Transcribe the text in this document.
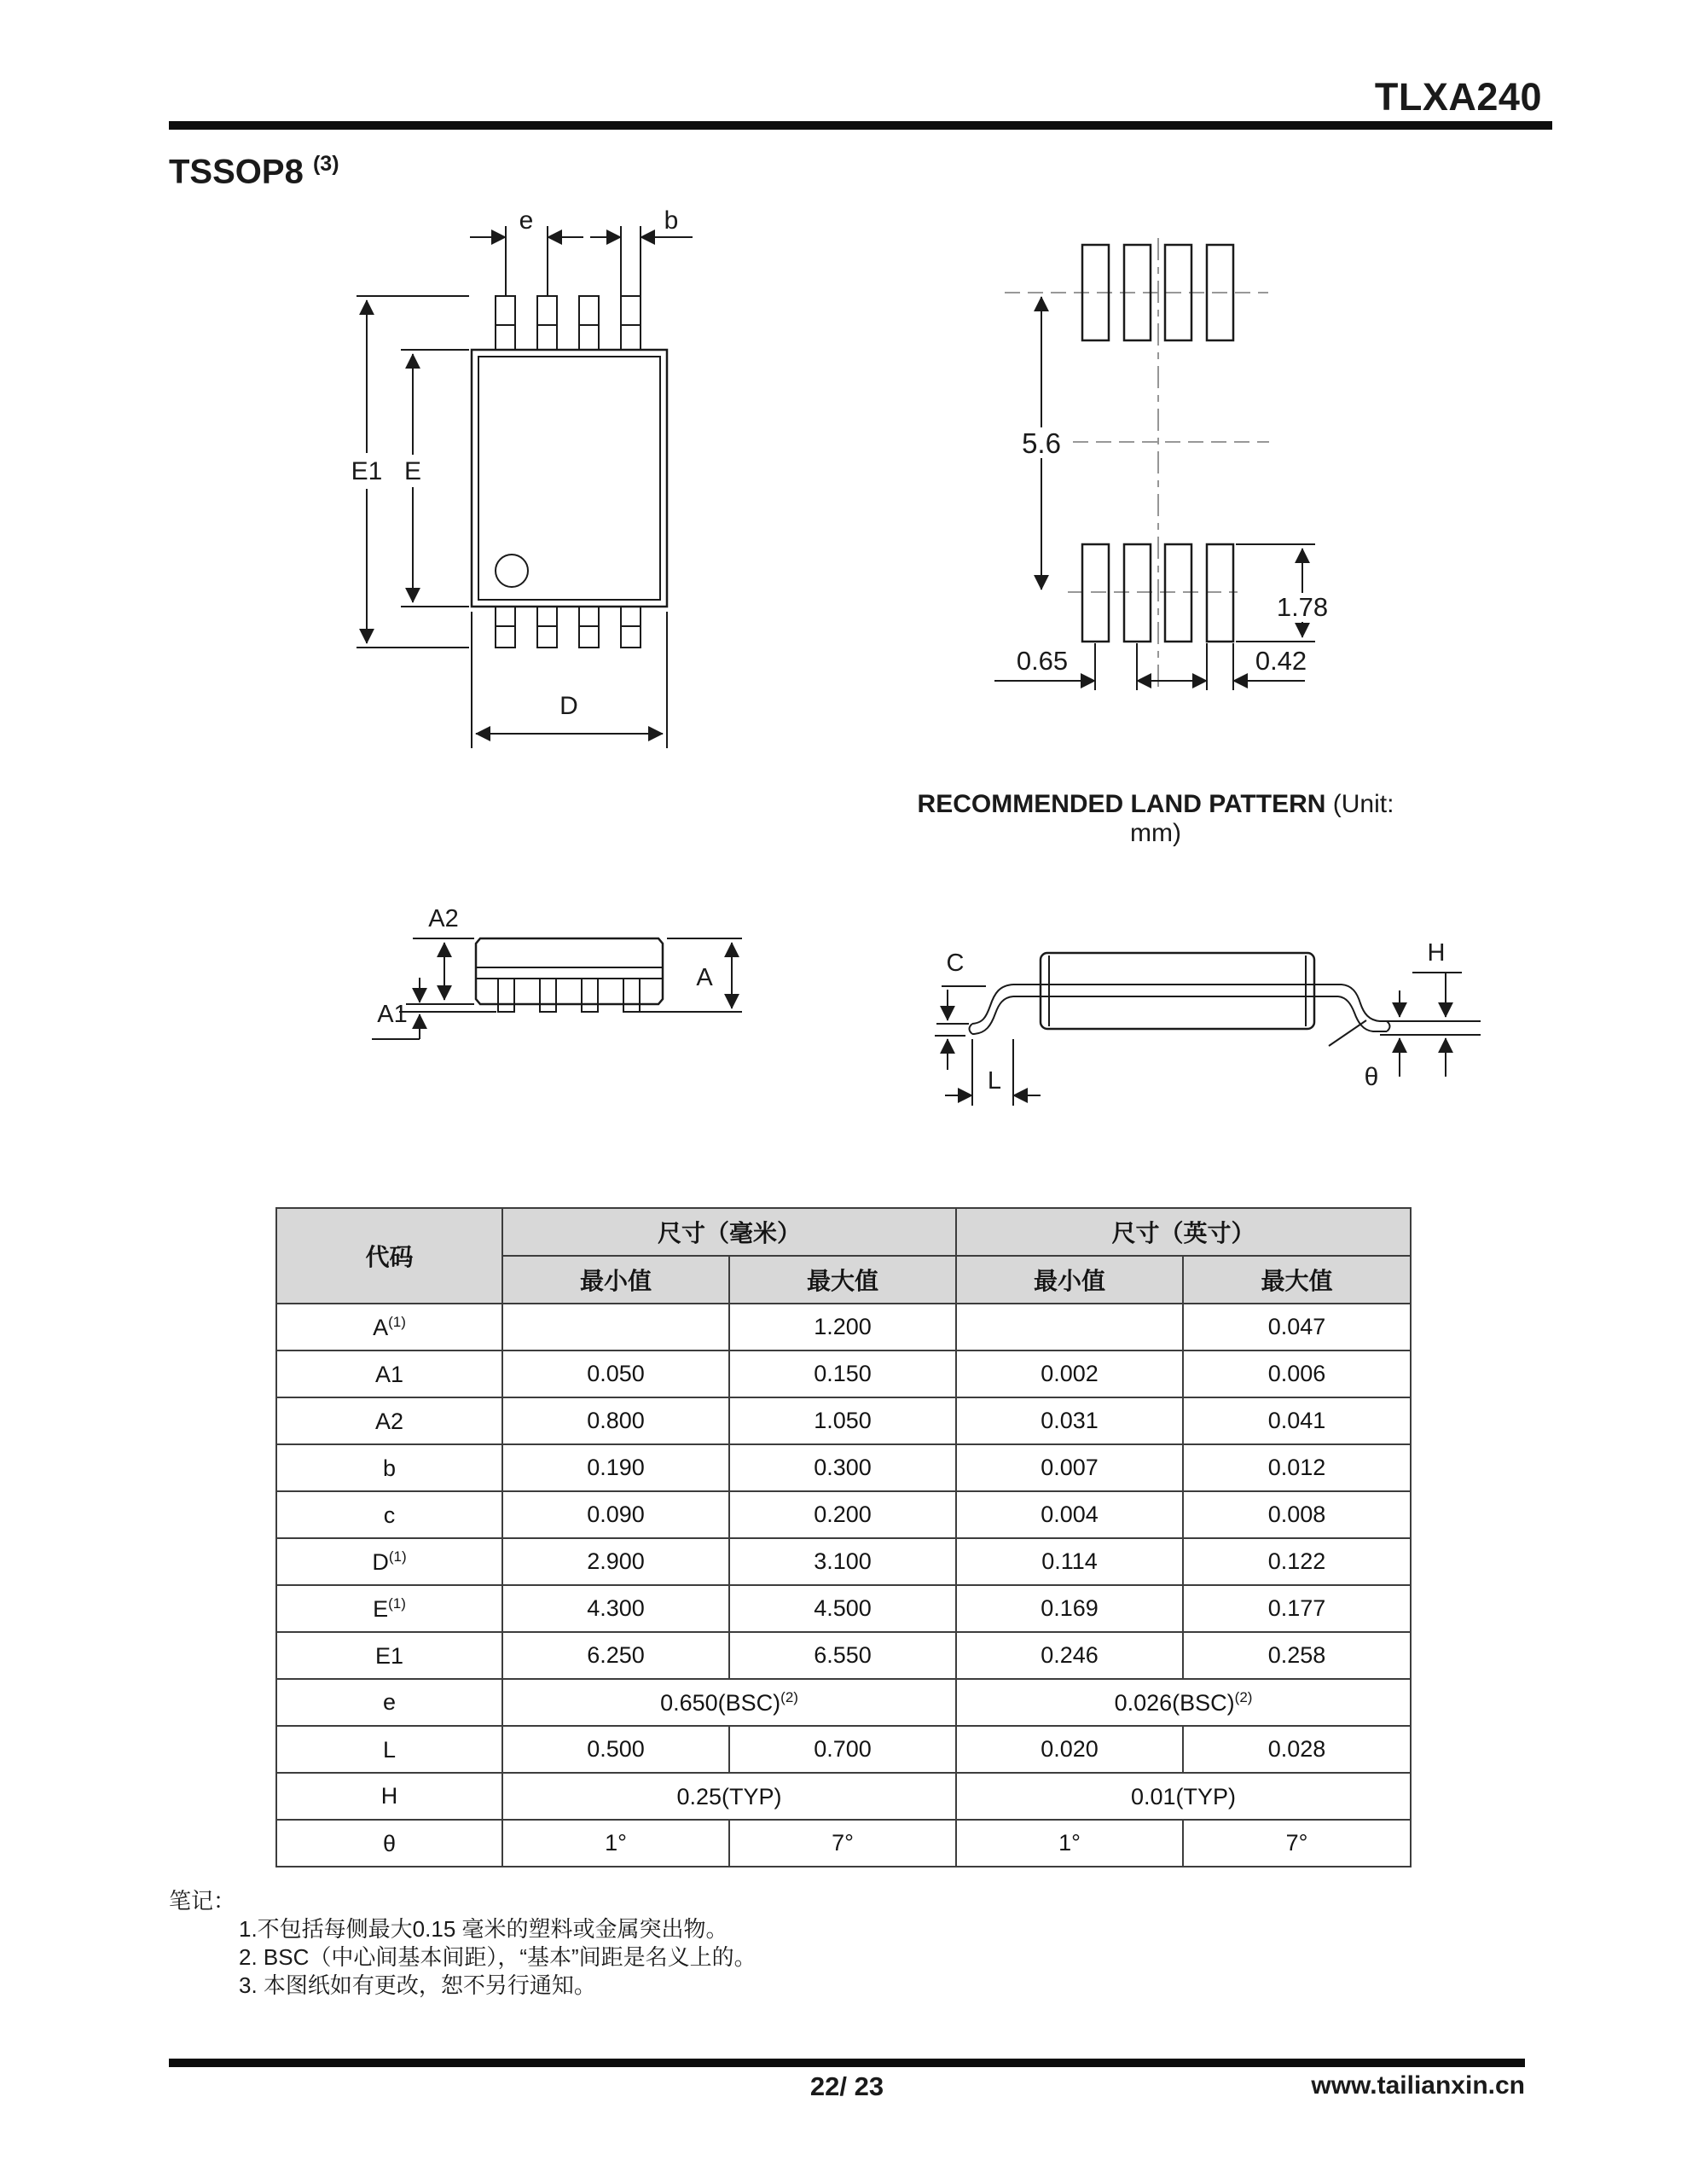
TLXA240
TSSOP8 $^{(3)}$
e	b
E1 E
D
5.6
1.78
0.65	0.42
RECOMMENDED LAND PATTERN (Unit: mm)
A2
A1
A
C
L
H
θ
代码	尺寸（毫米）		尺寸（英寸）	
	最小值	最大值	最小值	最大值
$A^{(1)}$		1.200		0.047
A1	0.050	0.150	0.002	0.006
A2	0.800	1.050	0.031	0.041
b	0.190	0.300	0.007	0.012
c	0.090	0.200	0.004	0.008
$D^{(1)}$	2.900	3.100	0.114	0.122
$E^{(1)}$	4.300	4.500	0.169	0.177
E1	6.250	6.550	0.246	0.258
e	0.650(BSC)$^{(2)}$		0.026(BSC)$^{(2)}$
L	0.500	0.700	0.020	0.028
H	0.25(TYP)		0.01(TYP)	
θ	1°	7°	1°	7°
笔记：
1.不包括每侧最大0.15 毫米的塑料或金属突出物。
2. BSC（中心间基本间距），“基本”间距是名义上的。
3. 本图纸如有更改，恕不另行通知。
22/ 23	www.tailianxin.cn
